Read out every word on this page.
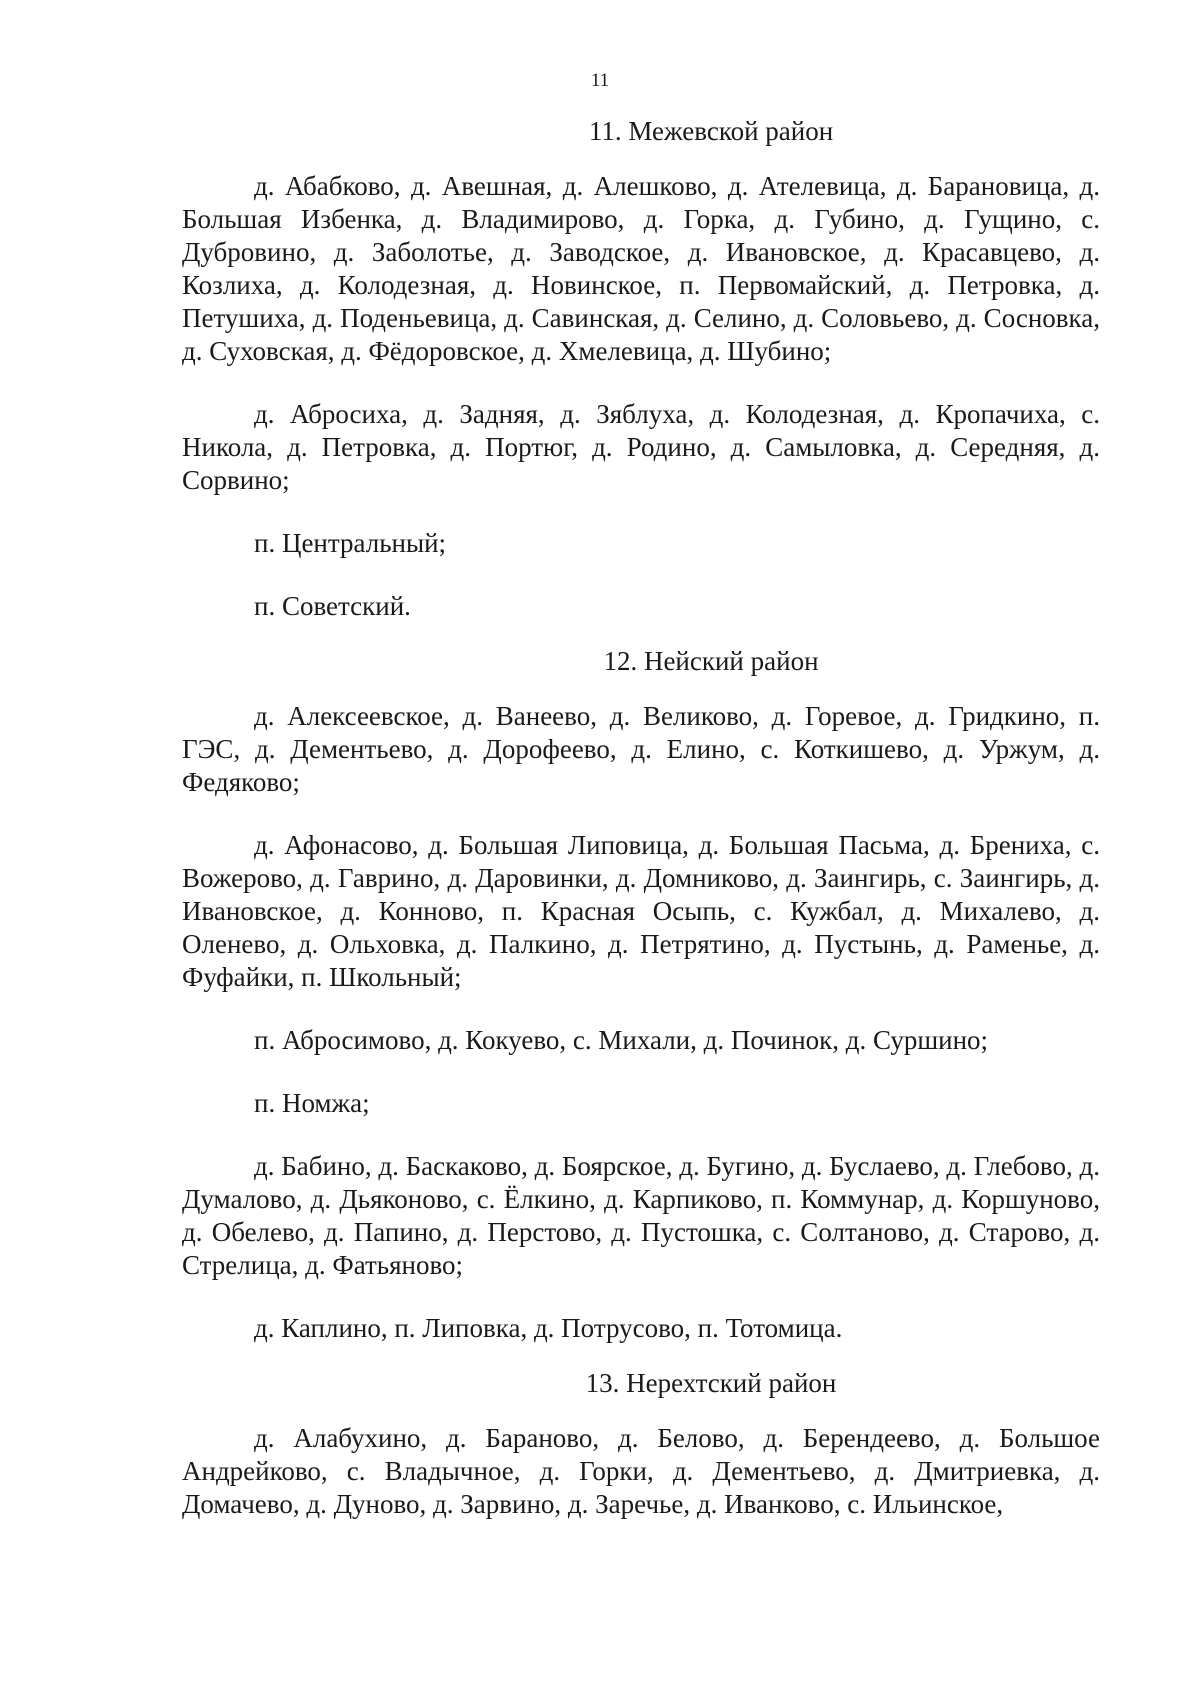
11
11. Межевской район

д. Абабково, д. Авешная, д. Алешково, д. Ателевица, д. Барановица, д. Большая Избенка, д. Владимирово, д. Горка, д. Губино, д. Гущино, с. Дубровино, д. Заболотье, д. Заводское, д. Ивановское, д. Красавцево, д. Козлиха, д. Колодезная, д. Новинское, п. Первомайский, д. Петровка, д. Петушиха, д. Поденьевица, д. Савинская, д. Селино, д. Соловьево, д. Сосновка, д. Суховская, д. Фёдоровское, д. Хмелевица, д. Шубино;

д. Абросиха, д. Задняя, д. Зяблуха, д. Колодезная, д. Кропачиха, с. Никола, д. Петровка, д. Портюг, д. Родино, д. Самыловка, д. Середняя, д. Сорвино;

п. Центральный;

п. Советский.

12. Нейский район

д. Алексеевское, д. Ванеево, д. Великово, д. Горевое, д. Гридкино, п. ГЭС, д. Дементьево, д. Дорофеево, д. Елино, с. Коткишево, д. Уржум, д. Федяково;

д. Афонасово, д. Большая Липовица, д. Большая Пасьма, д. Брениха, с. Вожерово, д. Гаврино, д. Даровинки, д. Домниково, д. Заингирь, с. Заингирь, д. Ивановское, д. Конново, п. Красная Осыпь, с. Кужбал, д. Михалево, д. Оленево, д. Ольховка, д. Палкино, д. Петрятино, д. Пустынь, д. Раменье, д. Фуфайки, п. Школьный;

п. Абросимово, д. Кокуево, с. Михали, д. Починок, д. Суршино;

п. Номжа;

д. Бабино, д. Баскаково, д. Боярское, д. Бугино, д. Буслаево, д. Глебово, д. Думалово, д. Дьяконово, с. Ёлкино, д. Карпиково, п. Коммунар, д. Коршуново, д. Обелево, д. Папино, д. Перстово, д. Пустошка, с. Солтаново, д. Старово, д. Стрелица, д. Фатьяново;

д. Каплино, п. Липовка, д. Потрусово, п. Тотомица.

13. Нерехтский район

д. Алабухино, д. Бараново, д. Белово, д. Берендеево, д. Большое Андрейково, с. Владычное, д. Горки, д. Дементьево, д. Дмитриевка, д. Домачево, д. Дуново, д. Зарвино, д. Заречье, д. Иванково, с. Ильинское,
